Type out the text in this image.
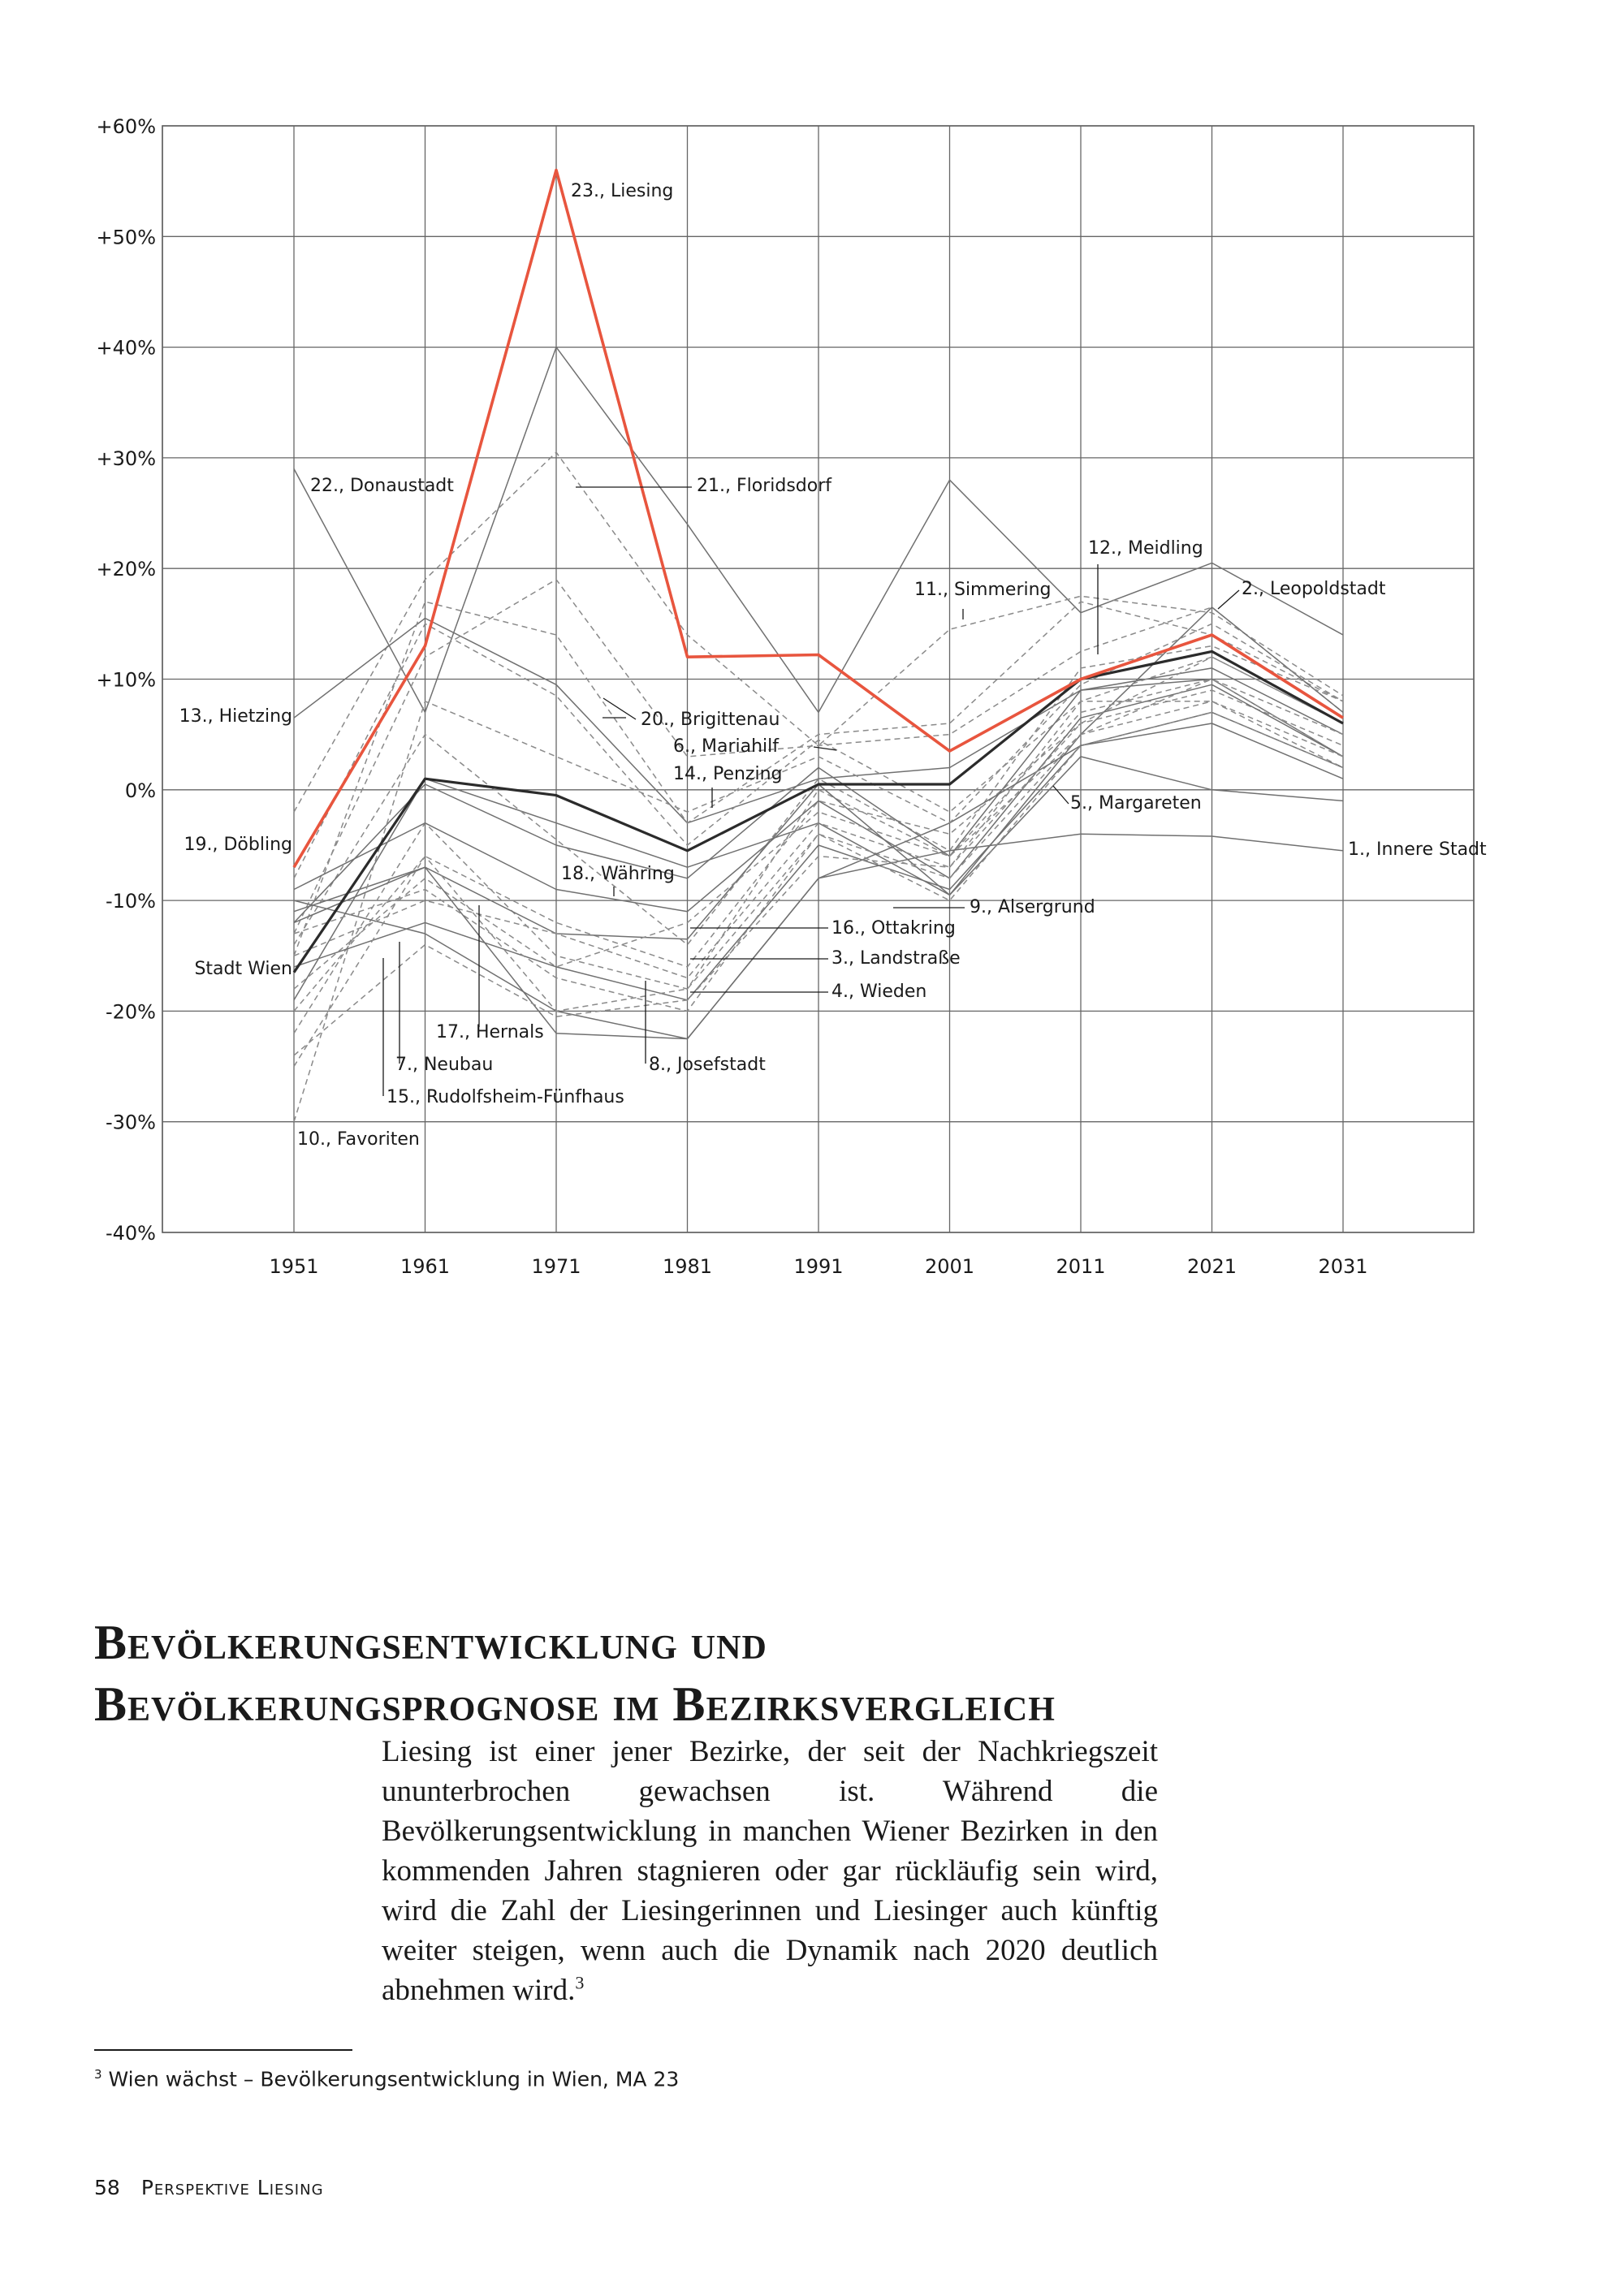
23., Liesing
22., Donaustadt	21., Floridsdorf
12., Meidling
11., Simmering	2., Leopoldstadt
13., Hietzing	20., Brigittenau
6., Mariahilf
14., Penzing
5., Margareten
19., Döbling	1., Innere Stadt
18., Währing
9., Alsergrund
16., Ottakring
3., Landstraße
Stadt Wien
4., Wieden
17., Hernals
7., Neubau	8., Josefstadt
15., Rudolfsheim-Fünfhaus
10., Favoriten
+60%
+50%
+40%
+30%
+20%
+10%
0%
-10%
-20%
-30%
-40%
1951	1961	1971	1981	1991	2001	2011	2021	2031
Bevölkerungsentwicklung und
Bevölkerungsprognose im Bezirksvergleich

Liesing ist einer jener Bezirke, der seit der Nachkriegszeit ununterbrochen gewachsen ist. Während die Bevölkerungsentwicklung in manchen Wiener Bezirken in den kommenden Jahren stagnieren oder gar rückläufig sein wird, wird die Zahl der Liesingerinnen und Liesinger auch künftig weiter steigen, wenn auch die Dynamik nach 2020 deutlich abnehmen wird.$^3$

$^3$ Wien wächst – Bevölkerungsentwicklung in Wien, MA 23

58 Perspektive Liesing
